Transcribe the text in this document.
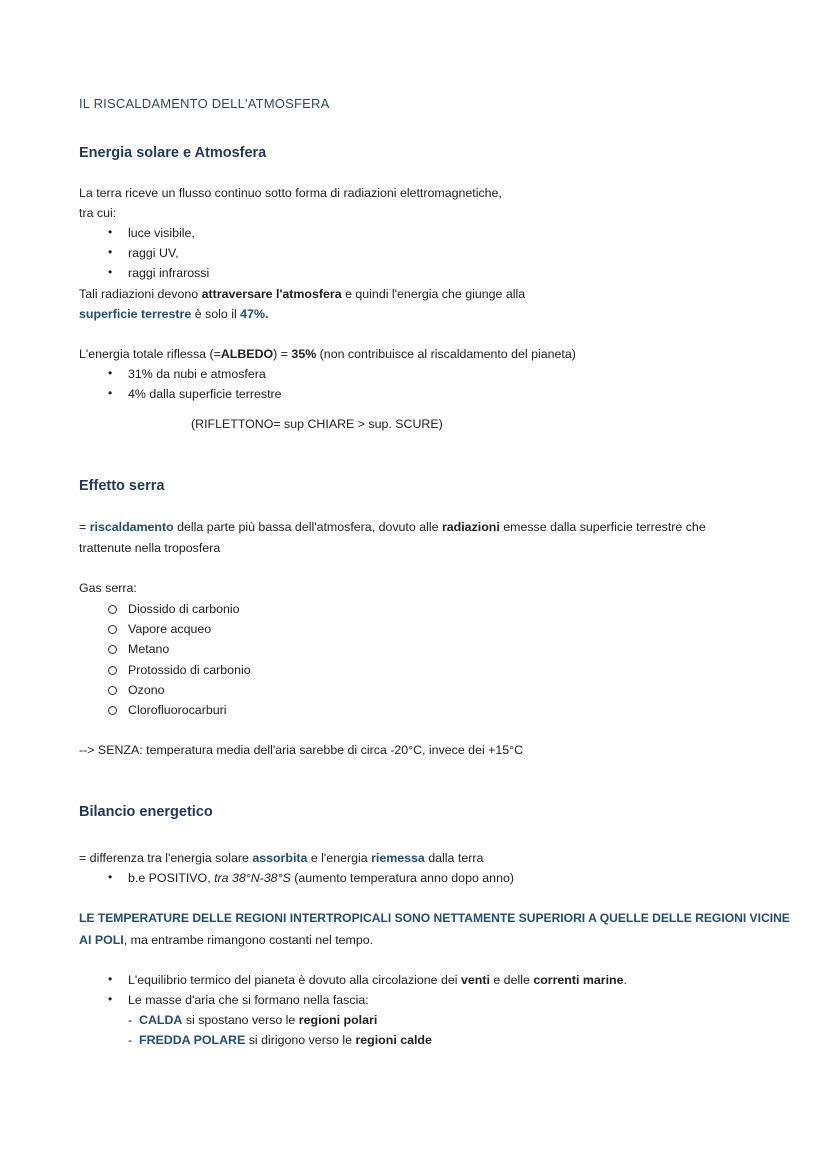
IL RISCALDAMENTO DELL'ATMOSFERA
Energia solare e Atmosfera
La terra riceve un flusso continuo sotto forma di radiazioni elettromagnetiche,
tra cui:
• luce visibile,
• raggi UV,
• raggi infrarossi
Tali radiazioni devono attraversare l'atmosfera e quindi l'energia che giunge alla
superficie terrestre è solo il 47%.
L'energia totale riflessa (=ALBEDO) = 35% (non contribuisce al riscaldamento del pianeta)
• 31% da nubi e atmosfera
• 4% dalla superficie terrestre
(RIFLETTONO= sup CHIARE > sup. SCURE)
Effetto serra
= riscaldamento della parte più bassa dell'atmosfera, dovuto alle radiazioni emesse dalla superficie terrestre che
trattenute nella troposfera
Gas serra:
Diossido di carbonio
Vapore acqueo
Metano
Protossido di carbonio
Ozono
Clorofluorocarburi
--> SENZA: temperatura media dell'aria sarebbe di circa -20°C, invece dei +15°C
Bilancio energetico
= differenza tra l'energia solare assorbita e l'energia riemessa dalla terra
• b.e POSITIVO, tra 38°N-38°S (aumento temperatura anno dopo anno)
LE TEMPERATURE DELLE REGIONI INTERTROPICALI SONO NETTAMENTE SUPERIORI A QUELLE DELLE REGIONI VICINE
AI POLI, ma entrambe rimangono costanti nel tempo.
• L'equilibrio termico del pianeta è dovuto alla circolazione dei venti e delle correnti marine.
• Le masse d'aria che si formano nella fascia:
- CALDA si spostano verso le regioni polari
- FREDDA POLARE si dirigono verso le regioni calde
